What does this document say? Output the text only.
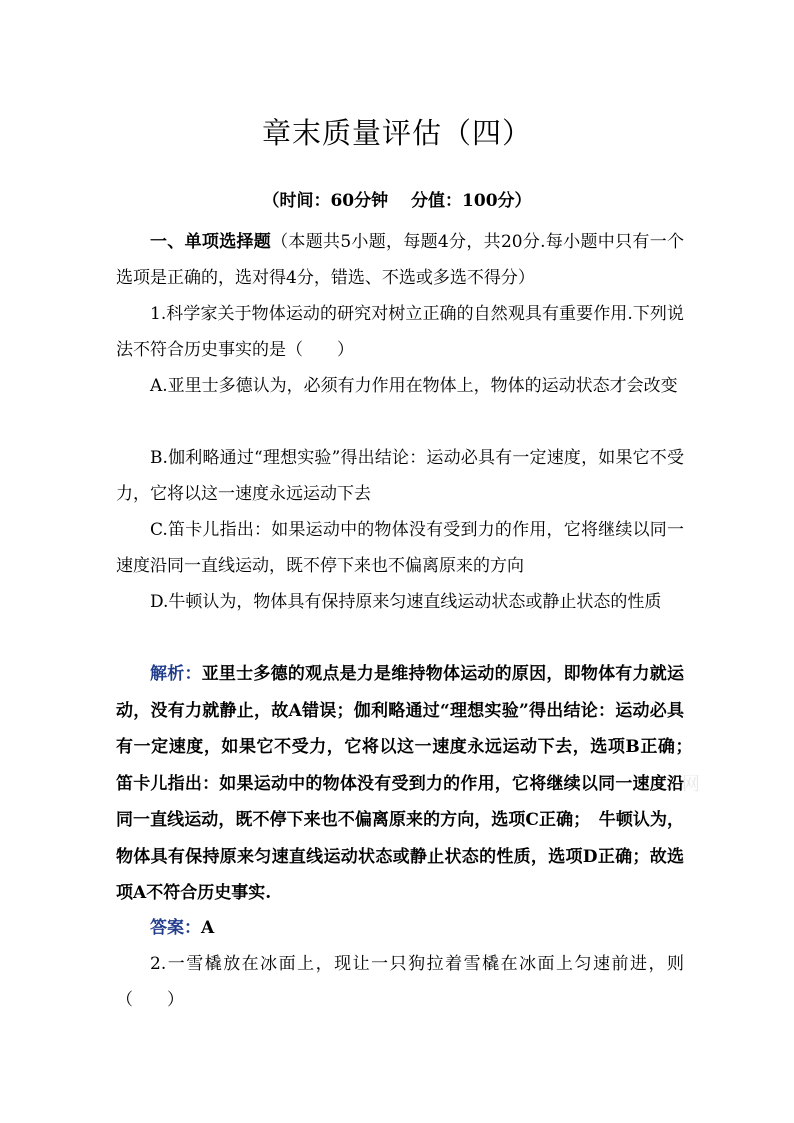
章末质量评估（四）
（时间：60分钟　 分值：100分）

一、单项选择题（本题共5小题，每题4分，共20分.每小题中只有一个选项是正确的，选对得4分，错选、不选或多选不得分）

1.科学家关于物体运动的研究对树立正确的自然观具有重要作用.下列说法不符合历史事实的是（　　）

A.亚里士多德认为，必须有力作用在物体上，物体的运动状态才会改变

B.伽利略通过“理想实验”得出结论：运动必具有一定速度，如果它不受力，它将以这一速度永远运动下去

C.笛卡儿指出：如果运动中的物体没有受到力的作用，它将继续以同一速度沿同一直线运动，既不停下来也不偏离原来的方向

D.牛顿认为，物体具有保持原来匀速直线运动状态或静止状态的性质

解析：亚里士多德的观点是力是维持物体运动的原因，即物体有力就运动，没有力就静止，故A错误；伽利略通过“理想实验”得出结论：运动必具有一定速度，如果它不受力，它将以这一速度永远运动下去，选项B正确；　笛卡儿指出：如果运动中的物体没有受到力的作用，它将继续以同一速度沿同一直线运动，既不停下来也不偏离原来的方向，选项C正确；　牛顿认为，物体具有保持原来匀速直线运动状态或静止状态的性质，选项D正确；故选项A不符合历史事实.

答案：A

2.一雪橇放在冰面上，现让一只狗拉着雪橇在冰面上匀速前进，则（　　）

网
